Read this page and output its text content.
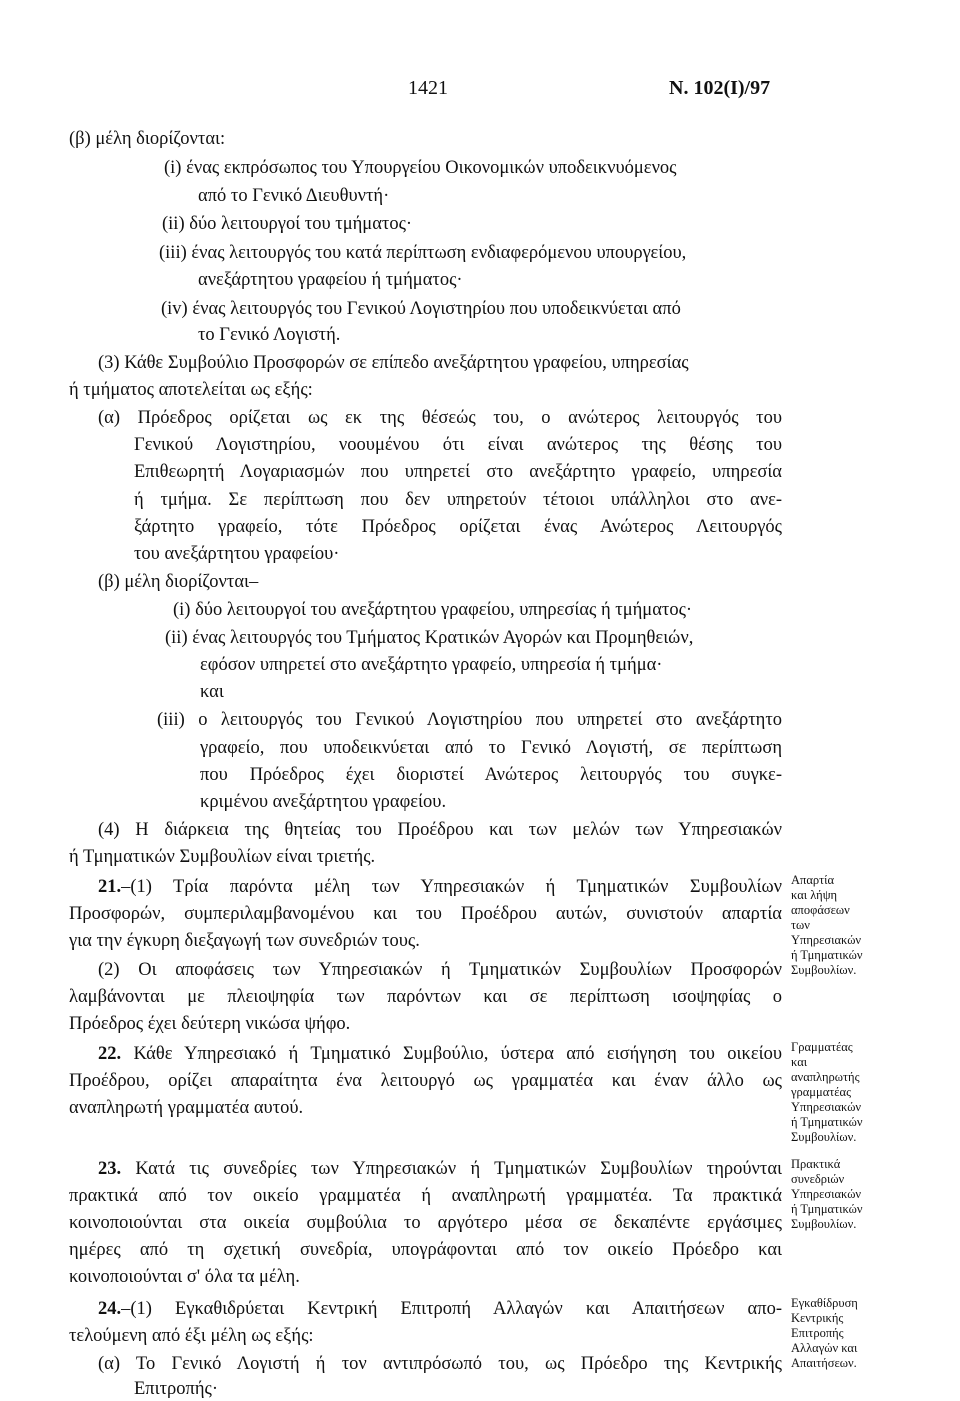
1421	Ν. 102(Ι)/97
(β) μέλη διορίζονται:
(i) ένας εκπρόσωπος του Υπουργείου Οικονομικών υποδεικνυόμενος
από το Γενικό Διευθυντή·
(ii) δύο λειτουργοί του τμήματος·
(iii) ένας λειτουργός του κατά περίπτωση ενδιαφερόμενου υπουργείου,
ανεξάρτητου γραφείου ή τμήματος·
(iv) ένας λειτουργός του Γενικού Λογιστηρίου που υποδεικνύεται από
το Γενικό Λογιστή.
(3) Κάθε Συμβούλιο Προσφορών σε επίπεδο ανεξάρτητου γραφείου, υπηρεσίας
ή τμήματος αποτελείται ως εξής:
(α) Πρόεδρος ορίζεται ως εκ της θέσεώς του, ο ανώτερος λειτουργός του
Γενικού Λογιστηρίου, νοουμένου ότι είναι ανώτερος της θέσης του
Επιθεωρητή Λογαριασμών που υπηρετεί στο ανεξάρτητο γραφείο, υπηρεσία
ή τμήμα. Σε περίπτωση που δεν υπηρετούν τέτοιοι υπάλληλοι στο ανε-
ξάρτητο γραφείο, τότε Πρόεδρος ορίζεται ένας Ανώτερος Λειτουργός
του ανεξάρτητου γραφείου·
(β) μέλη διορίζονται–
(i) δύο λειτουργοί του ανεξάρτητου γραφείου, υπηρεσίας ή τμήματος·
(ii) ένας λειτουργός του Τμήματος Κρατικών Αγορών και Προμηθειών,
εφόσον υπηρετεί στο ανεξάρτητο γραφείο, υπηρεσία ή τμήμα·
και
(iii) ο λειτουργός του Γενικού Λογιστηρίου που υπηρετεί στο ανεξάρτητο
γραφείο, που υποδεικνύεται από το Γενικό Λογιστή, σε περίπτωση
που Πρόεδρος έχει διοριστεί Ανώτερος λειτουργός του συγκε-
κριμένου ανεξάρτητου γραφείου.
(4) Η διάρκεια της θητείας του Προέδρου και των μελών των Υπηρεσιακών
ή Τμηματικών Συμβουλίων είναι τριετής.
21.–(1) Τρία παρόντα μέλη των Υπηρεσιακών ή Τμηματικών Συμβουλίων
Προσφορών, συμπεριλαμβανομένου και του Προέδρου αυτών, συνιστούν απαρτία
για την έγκυρη διεξαγωγή των συνεδριών τους.
(2) Οι αποφάσεις των Υπηρεσιακών ή Τμηματικών Συμβουλίων Προσφορών
λαμβάνονται με πλειοψηφία των παρόντων και σε περίπτωση ισοψηφίας ο
Πρόεδρος έχει δεύτερη νικώσα ψήφο.
22. Κάθε Υπηρεσιακό ή Τμηματικό Συμβούλιο, ύστερα από εισήγηση του οικείου
Προέδρου, ορίζει απαραίτητα ένα λειτουργό ως γραμματέα και έναν άλλο ως
αναπληρωτή γραμματέα αυτού.
23. Κατά τις συνεδρίες των Υπηρεσιακών ή Τμηματικών Συμβουλίων τηρούνται
πρακτικά από τον οικείο γραμματέα ή αναπληρωτή γραμματέα. Τα πρακτικά
κοινοποιούνται στα οικεία συμβούλια το αργότερο μέσα σε δεκαπέντε εργάσιμες
ημέρες από τη σχετική συνεδρία, υπογράφονται από τον οικείο Πρόεδρο και
κοινοποιούνται σ' όλα τα μέλη.
24.–(1) Εγκαθιδρύεται Κεντρική Επιτροπή Αλλαγών και Απαιτήσεων απο-
τελούμενη από έξι μέλη ως εξής:
(α) Το Γενικό Λογιστή ή τον αντιπρόσωπό του, ως Πρόεδρο της Κεντρικής
Επιτροπής·
Απαρτία
και λήψη
αποφάσεων
των
Υπηρεσιακών
ή Τμηματικών
Συμβουλίων.
Γραμματέας
και
αναπληρωτής
γραμματέας
Υπηρεσιακών
ή Τμηματικών
Συμβουλίων.
Πρακτικά
συνεδριών
Υπηρεσιακών
ή Τμηματικών
Συμβουλίων.
Εγκαθίδρυση
Κεντρικής
Επιτροπής
Αλλαγών και
Απαιτήσεων.
